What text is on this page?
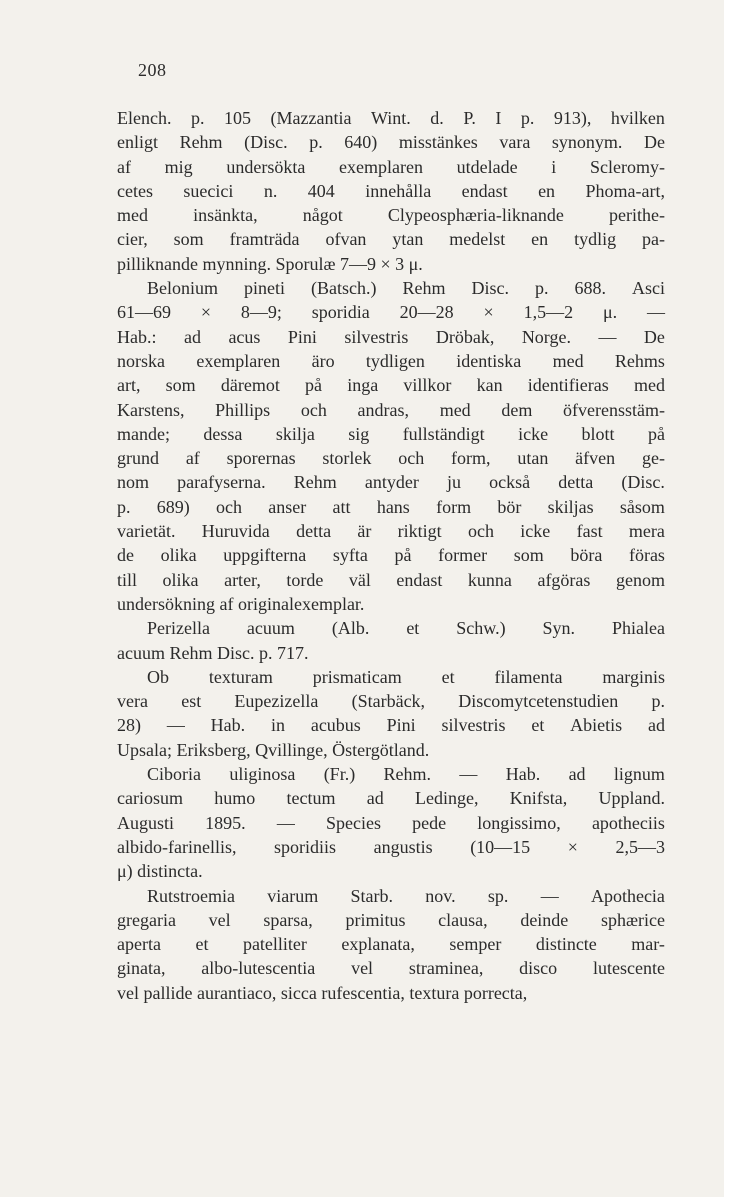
208
Elench. p. 105 (Mazzantia Wint. d. P. I p. 913), hvilken
enligt Rehm (Disc. p. 640) misstänkes vara synonym. De
af mig undersökta exemplaren utdelade i Scleromy-
cetes suecici n. 404 innehålla endast en Phoma-art,
med	insänkta,	något	Clypeosphæria-liknande	perithe-
cier, som framträda ofvan ytan medelst en tydlig pa-
pilliknande mynning. Sporulæ 7—9 × 3 μ.
Belonium pineti (Batsch.) Rehm Disc. p. 688. Asci
61—69 × 8—9; sporidia 20—28 × 1,5—2 μ. —
Hab.: ad acus Pini silvestris Dröbak, Norge. — De
norska exemplaren äro tydligen identiska med Rehms
art, som däremot på inga villkor kan identifieras med
Karstens, Phillips och andras, med dem öfverensstäm-
mande; dessa skilja sig fullständigt icke blott på
grund af sporernas storlek och form, utan äfven ge-
nom parafyserna. Rehm antyder ju också detta (Disc.
p. 689) och anser att hans form bör skiljas såsom
varietät. Huruvida detta är riktigt och icke fast mera
de olika uppgifterna syfta på former som böra föras
till olika arter, torde väl endast kunna afgöras genom
undersökning af originalexemplar.
Perizella acuum (Alb. et Schw.) Syn. Phialea
acuum Rehm Disc. p. 717.
Ob texturam prismaticam et filamenta marginis
vera est Eupezizella (Starbäck, Discomytcetenstudien p.
28) — Hab. in acubus Pini silvestris et Abietis ad
Upsala; Eriksberg, Qvillinge, Östergötland.
Ciboria uliginosa (Fr.) Rehm. — Hab. ad lignum
cariosum humo tectum ad Ledinge, Knifsta, Uppland.
Augusti 1895. — Species pede longissimo, apotheciis
albido-farinellis, sporidiis angustis (10—15 × 2,5—3
μ) distincta.
Rutstroemia viarum Starb. nov. sp. — Apothecia
gregaria vel sparsa, primitus clausa, deinde sphærice
aperta et patelliter explanata, semper distincte mar-
ginata, albo-lutescentia vel straminea, disco lutescente
vel pallide aurantiaco, sicca rufescentia, textura porrecta,
